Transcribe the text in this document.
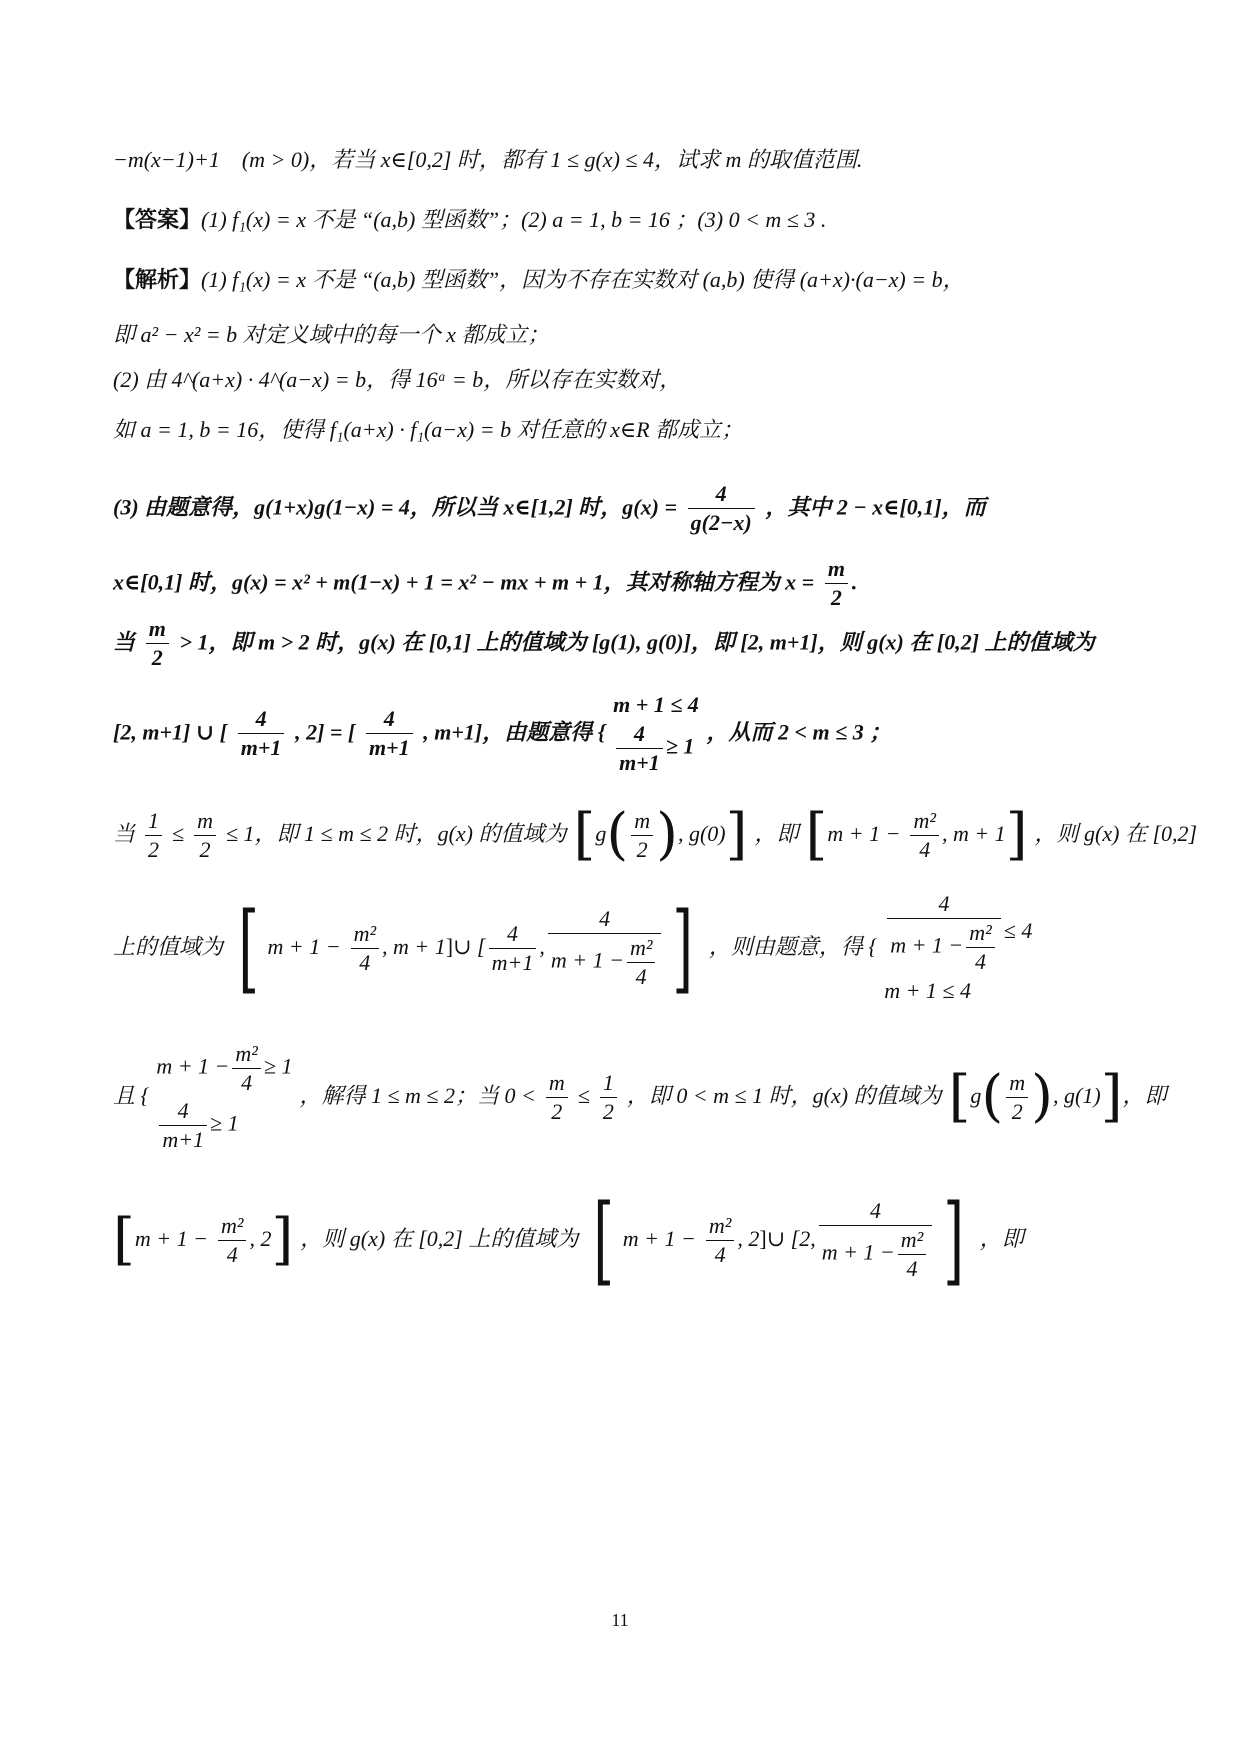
−m(x−1)+1　(m > 0)，若当 x∈[0,2] 时，都有 1 ≤ g(x) ≤ 4，试求 m 的取值范围.
【答案】(1) f₁(x) = x 不是 “(a,b) 型函数”；(2) a = 1, b = 16 ；(3) 0 < m ≤ 3 .
【解析】(1) f₁(x) = x 不是 “(a,b) 型函数”，因为不存在实数对 (a,b) 使得 (a+x)·(a−x) = b，
即 a² − x² = b 对定义域中的每一个 x 都成立；
(2) 由 4^(a+x) · 4^(a−x) = b，得 16ᵃ = b，所以存在实数对，
如 a = 1, b = 16，使得 f₁(a+x) · f₁(a−x) = b 对任意的 x∈R 都成立；
(3) 由题意得，g(1+x)g(1−x) = 4，所以当 x∈[1,2] 时，$g(x) = \frac{4}{g(2-x)}$ ，其中 2 − x∈[0,1]，而
x∈[0,1] 时，g(x) = x² + m(1−x) + 1 = x² − mx + m + 1，其对称轴方程为 $x = \frac{m}{2}$ .
当 $\frac{m}{2} > 1$，即 m > 2 时，g(x) 在 [0,1] 上的值域为 [g(1), g(0)]，即 [2, m+1]，则 g(x) 在 [0,2] 上的值域为
[2, m+1] ∪ [ $\frac{4}{m+1}$ , 2] = [ $\frac{4}{m+1}$ , m+1]，由题意得 {
m + 1 ≤ 4
$\frac{4}{m+1} \ge 1$
，从而 2 < m ≤ 3 ；
当 $\frac{1}{2} \le \frac{m}{2} \le 1$，即 1 ≤ m ≤ 2 时，g(x) 的值域为 [$g( \frac{m}{2}$ ), g(0)] ，即 [$m + 1 - \frac{\text{m²}}{4}$ , m + 1] ，则 g(x) 在 [0,2]
上的值域为 [ $m + 1 - \frac{\text{m²}}{4}$ , m + 1]∪ [ $\frac{4}{m+1}$ , $\frac{4}{m + 1 - \frac{\text{m²}}{4}}$ ] ，则由题意，得 { $\frac{4}{m + 1 - \frac{\text{m²}}{4}} \le 4$
m + 1 ≤ 4
且 {
$m + 1 - \frac{\text{m²}}{4} \ge 1$
$\frac{4}{m+1} \ge 1$
，解得 1 ≤ m ≤ 2；当 $0 < \frac{m}{2} \le \frac{1}{2}$ ，即 0 < m ≤ 1 时，g(x) 的值域为 [$g( \frac{m}{2}$ ), g(1)]，即
[$m + 1 - \frac{\text{m²}}{4}$ , 2] ，则 g(x) 在 [0,2] 上的值域为 [ $m + 1 - \frac{\text{m²}}{4}$ , 2]∪ [2, $\frac{4}{m + 1 - \frac{\text{m²}}{4}}$ ] ，即
11
